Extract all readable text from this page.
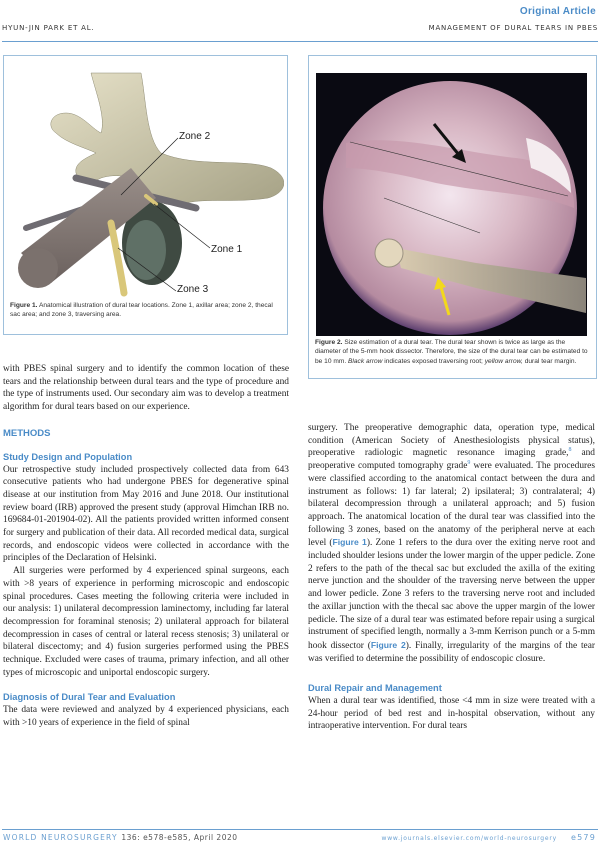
Original Article
HYUN-JIN PARK ET AL.	MANAGEMENT OF DURAL TEARS IN PBES
Zone 2
Zone 1
Zone 3
Figure 1. Anatomical illustration of dural tear locations. Zone 1, axillar area; zone 2, thecal sac area; and zone 3, traversing area.
Figure 2. Size estimation of a dural tear. The dural tear shown is twice as large as the diameter of the 5-mm hook dissector. Therefore, the size of the dural tear can be estimated to be 10 mm. Black arrow indicates exposed traversing root; yellow arrow, dural tear margin.

with PBES spinal surgery and to identify the common location of these tears and the relationship between dural tears and the type of procedure and the type of instruments used. Our secondary aim was to develop a treatment algorithm for dural tears based on our experience.

METHODS
Study Design and Population

Our retrospective study included prospectively collected data from 643 consecutive patients who had undergone PBES for degenerative spinal disease at our institution from May 2016 and June 2018. Our institutional review board (IRB) approved the present study (approval Himchan IRB no. 169684-01-201904-02). All the patients provided written informed consent for surgery and publication of their data. All recorded medical data, surgical records, and endoscopic videos were collected in accordance with the principles of the Declaration of Helsinki.

All surgeries were performed by 4 experienced spinal surgeons, each with >8 years of experience in performing microscopic and endoscopic spinal procedures. Cases meeting the following criteria were included in our analysis: 1) unilateral decompression laminectomy, including far lateral decompression for foraminal stenosis; 2) unilateral approach for bilateral decompression in cases of central or lateral recess stenosis; 3) unilateral or bilateral discectomy; and 4) fusion surgeries performed using the PBES technique. Excluded were cases of trauma, primary infection, and all other types of microscopic and uniportal endoscopic surgery.

Diagnosis of Dural Tear and Evaluation

The data were reviewed and analyzed by 4 experienced physicians, each with >10 years of experience in the field of spinal

surgery. The preoperative demographic data, operation type, medical condition (American Society of Anesthesiologists physical status), preoperative radiologic magnetic resonance imaging grade,$^8$ and preoperative computed tomography grade$^9$ were evaluated. The procedures were classified according to the anatomical contact between the dura and instrument as follows: 1) far lateral; 2) ipsilateral; 3) contralateral; 4) bilateral decompression through a unilateral approach; and 5) fusion approach. The anatomical location of the dural tear was classified into the following 3 zones, based on the anatomy of the peripheral nerve at each level (Figure 1). Zone 1 refers to the dura over the exiting nerve root and included shoulder lesions under the lower margin of the upper pedicle. Zone 2 refers to the path of the thecal sac but excluded the axilla of the exiting nerve junction and the shoulder of the traversing nerve between the upper and lower pedicle. Zone 3 refers to the traversing nerve root and included the axillar junction with the thecal sac above the upper margin of the lower pedicle. The size of a dural tear was estimated before repair using a surgical instrument of specified length, normally a 3-mm Kerrison punch or a 5-mm hook dissector (Figure 2). Finally, irregularity of the margins of the tear was verified to determine the possibility of endoscopic closure.

Dural Repair and Management

When a dural tear was identified, those <4 mm in size were treated with a 24-hour period of bed rest and in-hospital observation, without any intraoperative intervention. For dural tears

WORLD NEUROSURGERY 136: e578-e585, April 2020	www.journals.elsevier.com/world-neurosurgery e579
